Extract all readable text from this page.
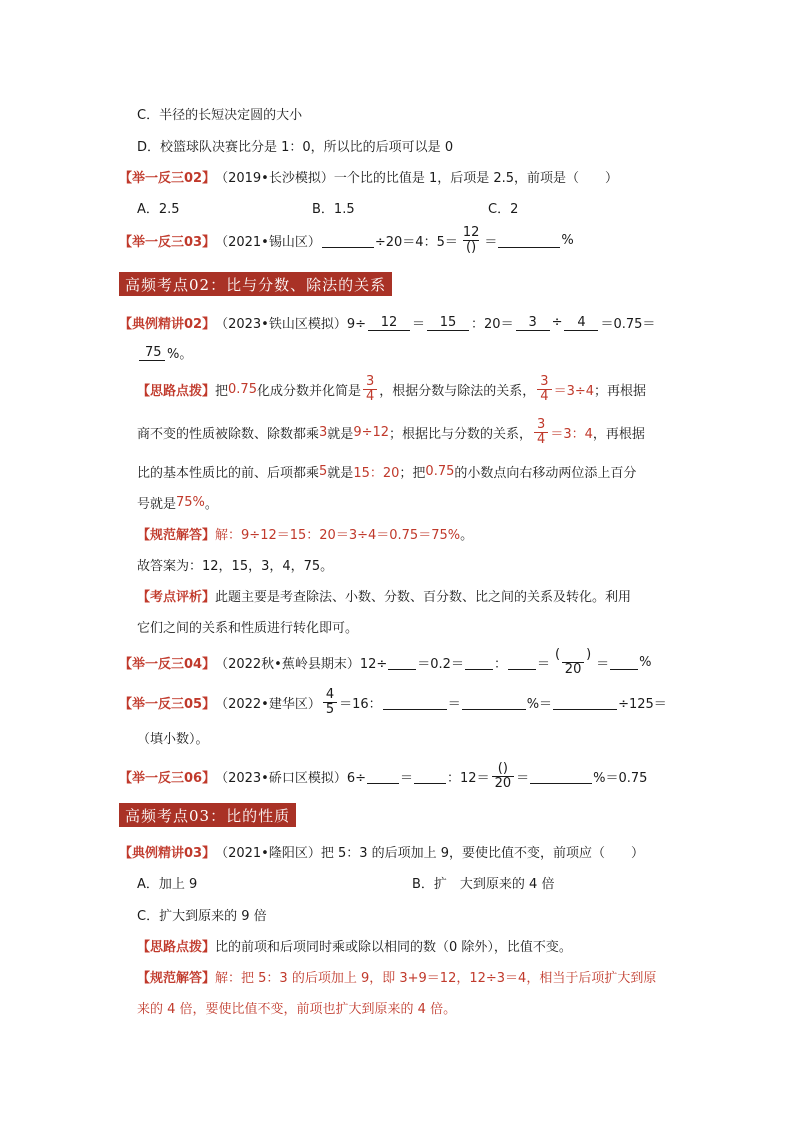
C．半径的长短决定圆的大小
D．校篮球队决赛比分是 1：0，所以比的后项可以是 0
【举一反三02】 （2019•长沙模拟）一个比的比值是 1，后项是 2.5，前项是（　　）
A．2.5	B．1.5	C．2
【举一反三03】 （2021•锡山区）	÷20＝4：$5= \frac{12}{()}$ ＝	%
高频考点02：比与分数、除法的关系
【典例精讲02】 （2023•铁山区模拟）9÷	12	＝	15	：20＝	3	÷	4	＝0.75＝
75 %。
【思路点拨】 把 0.75 化成分数并化简是 $\frac{3}{4}$ ，根据分数与除法的关系， $\frac{3}{4} =3\div 4$ ；再根据
商不变的性质被除数、除数都乘 3 就是 9÷12 ；根据比与分数的关系， $\frac{3}{4} =3$：4 ，再根据
比的基本性质比的前、后项都乘 5 就是 15：20 ；把 0.75 的小数点向右移动两位添上百分
号就是 75% 。
【规范解答】 解： 9÷12＝15：20＝3÷4＝0.75＝75% 。
故答案为：12，15，3，4，75。
【考点评析】 此题主要是考查除法、小数、分数、百分数、比之间的关系及转化。利用
它们之间的关系和性质进行转化即可。
【举一反三04】 （2022秋•蕉岭县期末）12÷ ＝0.2＝ ： ＝ $\frac{( )}{20}$ ＝ %
【举一反三05】 （2022•建华区） $\frac{4}{5} =16$：	＝	%＝	÷125＝
（填小数）。
【举一反三06】 （2023•硚口区模拟）6÷	＝	：$12= \frac{()}{20}$ ＝	%＝0.75
高频考点03：比的性质
【典例精讲03】 （2021•隆阳区）把 5：3 的后项加上 9，要使比值不变，前项应（　　）
A．加上 9	B．扩　大到原来的 4 倍
C．扩大到原来的 9 倍
【思路点拨】 比的前项和后项同时乘或除以相同的数（0 除外），比值不变。
【规范解答】 解： 把 5：3 的后项加上 9，即 3+9＝12，12÷3＝4，相当于后项扩大到原
来的 4 倍，要使比值不变，前项也扩大到原来的 4 倍。
